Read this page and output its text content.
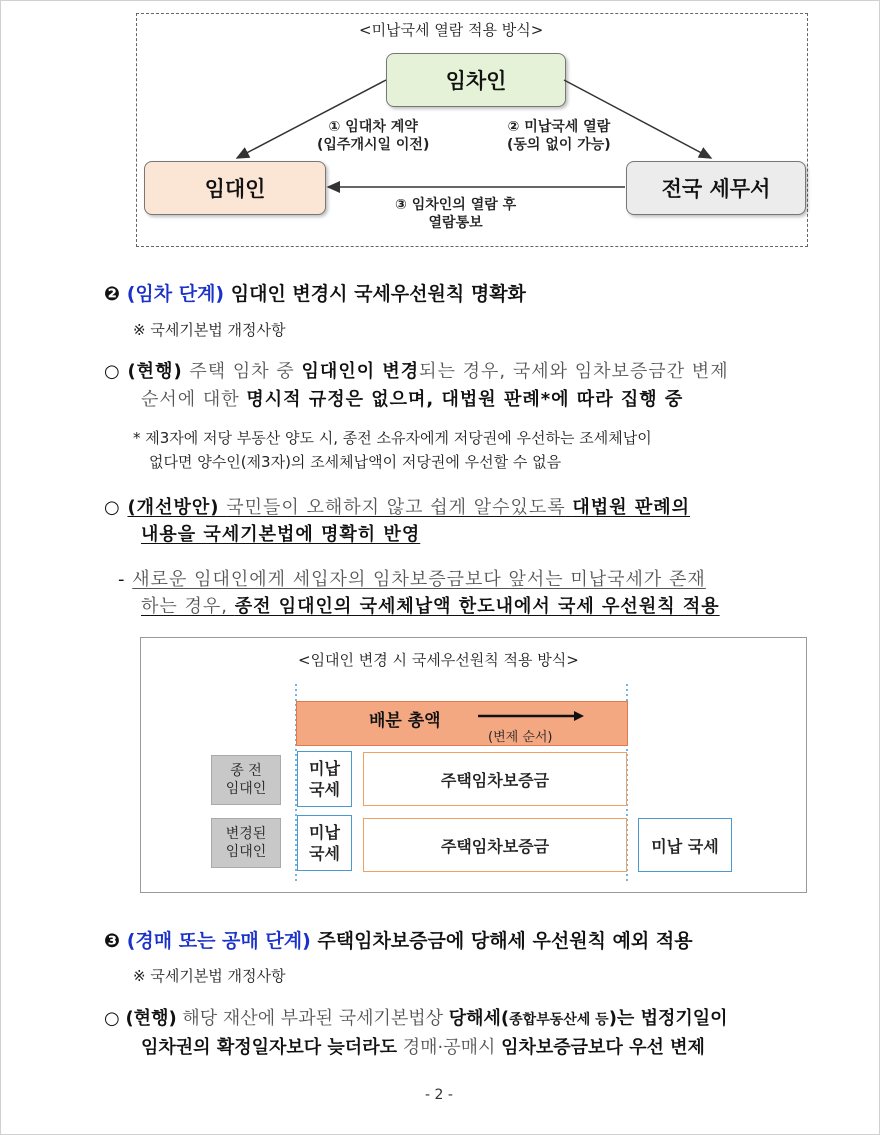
<미납국세 열람 적용 방식>
임차인
임대인	전국 세무서
① 임대차 계약
(입주개시일 이전)
② 미납국세 열람
(동의 없이 가능)
③ 임차인의 열람 후
열람통보
❷ (임차 단계) 임대인 변경시 국세우선원칙 명확화
※ 국세기본법 개정사항
○ (현행) 주택 임차 중 임대인이 변경되는 경우, 국세와 임차보증금간 변제
순서에 대한 명시적 규정은 없으며, 대법원 판례*에 따라 집행 중
* 제3자에 저당 부동산 양도 시, 종전 소유자에게 저당권에 우선하는 조세체납이
없다면 양수인(제3자)의 조세체납액이 저당권에 우선할 수 없음
○ (개선방안) 국민들이 오해하지 않고 쉽게 알수있도록 대법원 판례의
내용을 국세기본법에 명확히 반영
- 새로운 임대인에게 세입자의 임차보증금보다 앞서는 미납국세가 존재
하는 경우, 종전 임대인의 국세체납액 한도내에서 국세 우선원칙 적용
<임대인 변경 시 국세우선원칙 적용 방식>
배분 총액
(변제 순서)
종 전
임대인
미납
국세	주택임차보증금
변경된
임대인
미납
국세	주택임차보증금	미납 국세
❸ (경매 또는 공매 단계) 주택임차보증금에 당해세 우선원칙 예외 적용
※ 국세기본법 개정사항
○ (현행) 해당 재산에 부과된 국세기본법상 당해세(종합부동산세 등)는 법정기일이
임차권의 확정일자보다 늦더라도 경매·공매시 임차보증금보다 우선 변제
- 2 -
